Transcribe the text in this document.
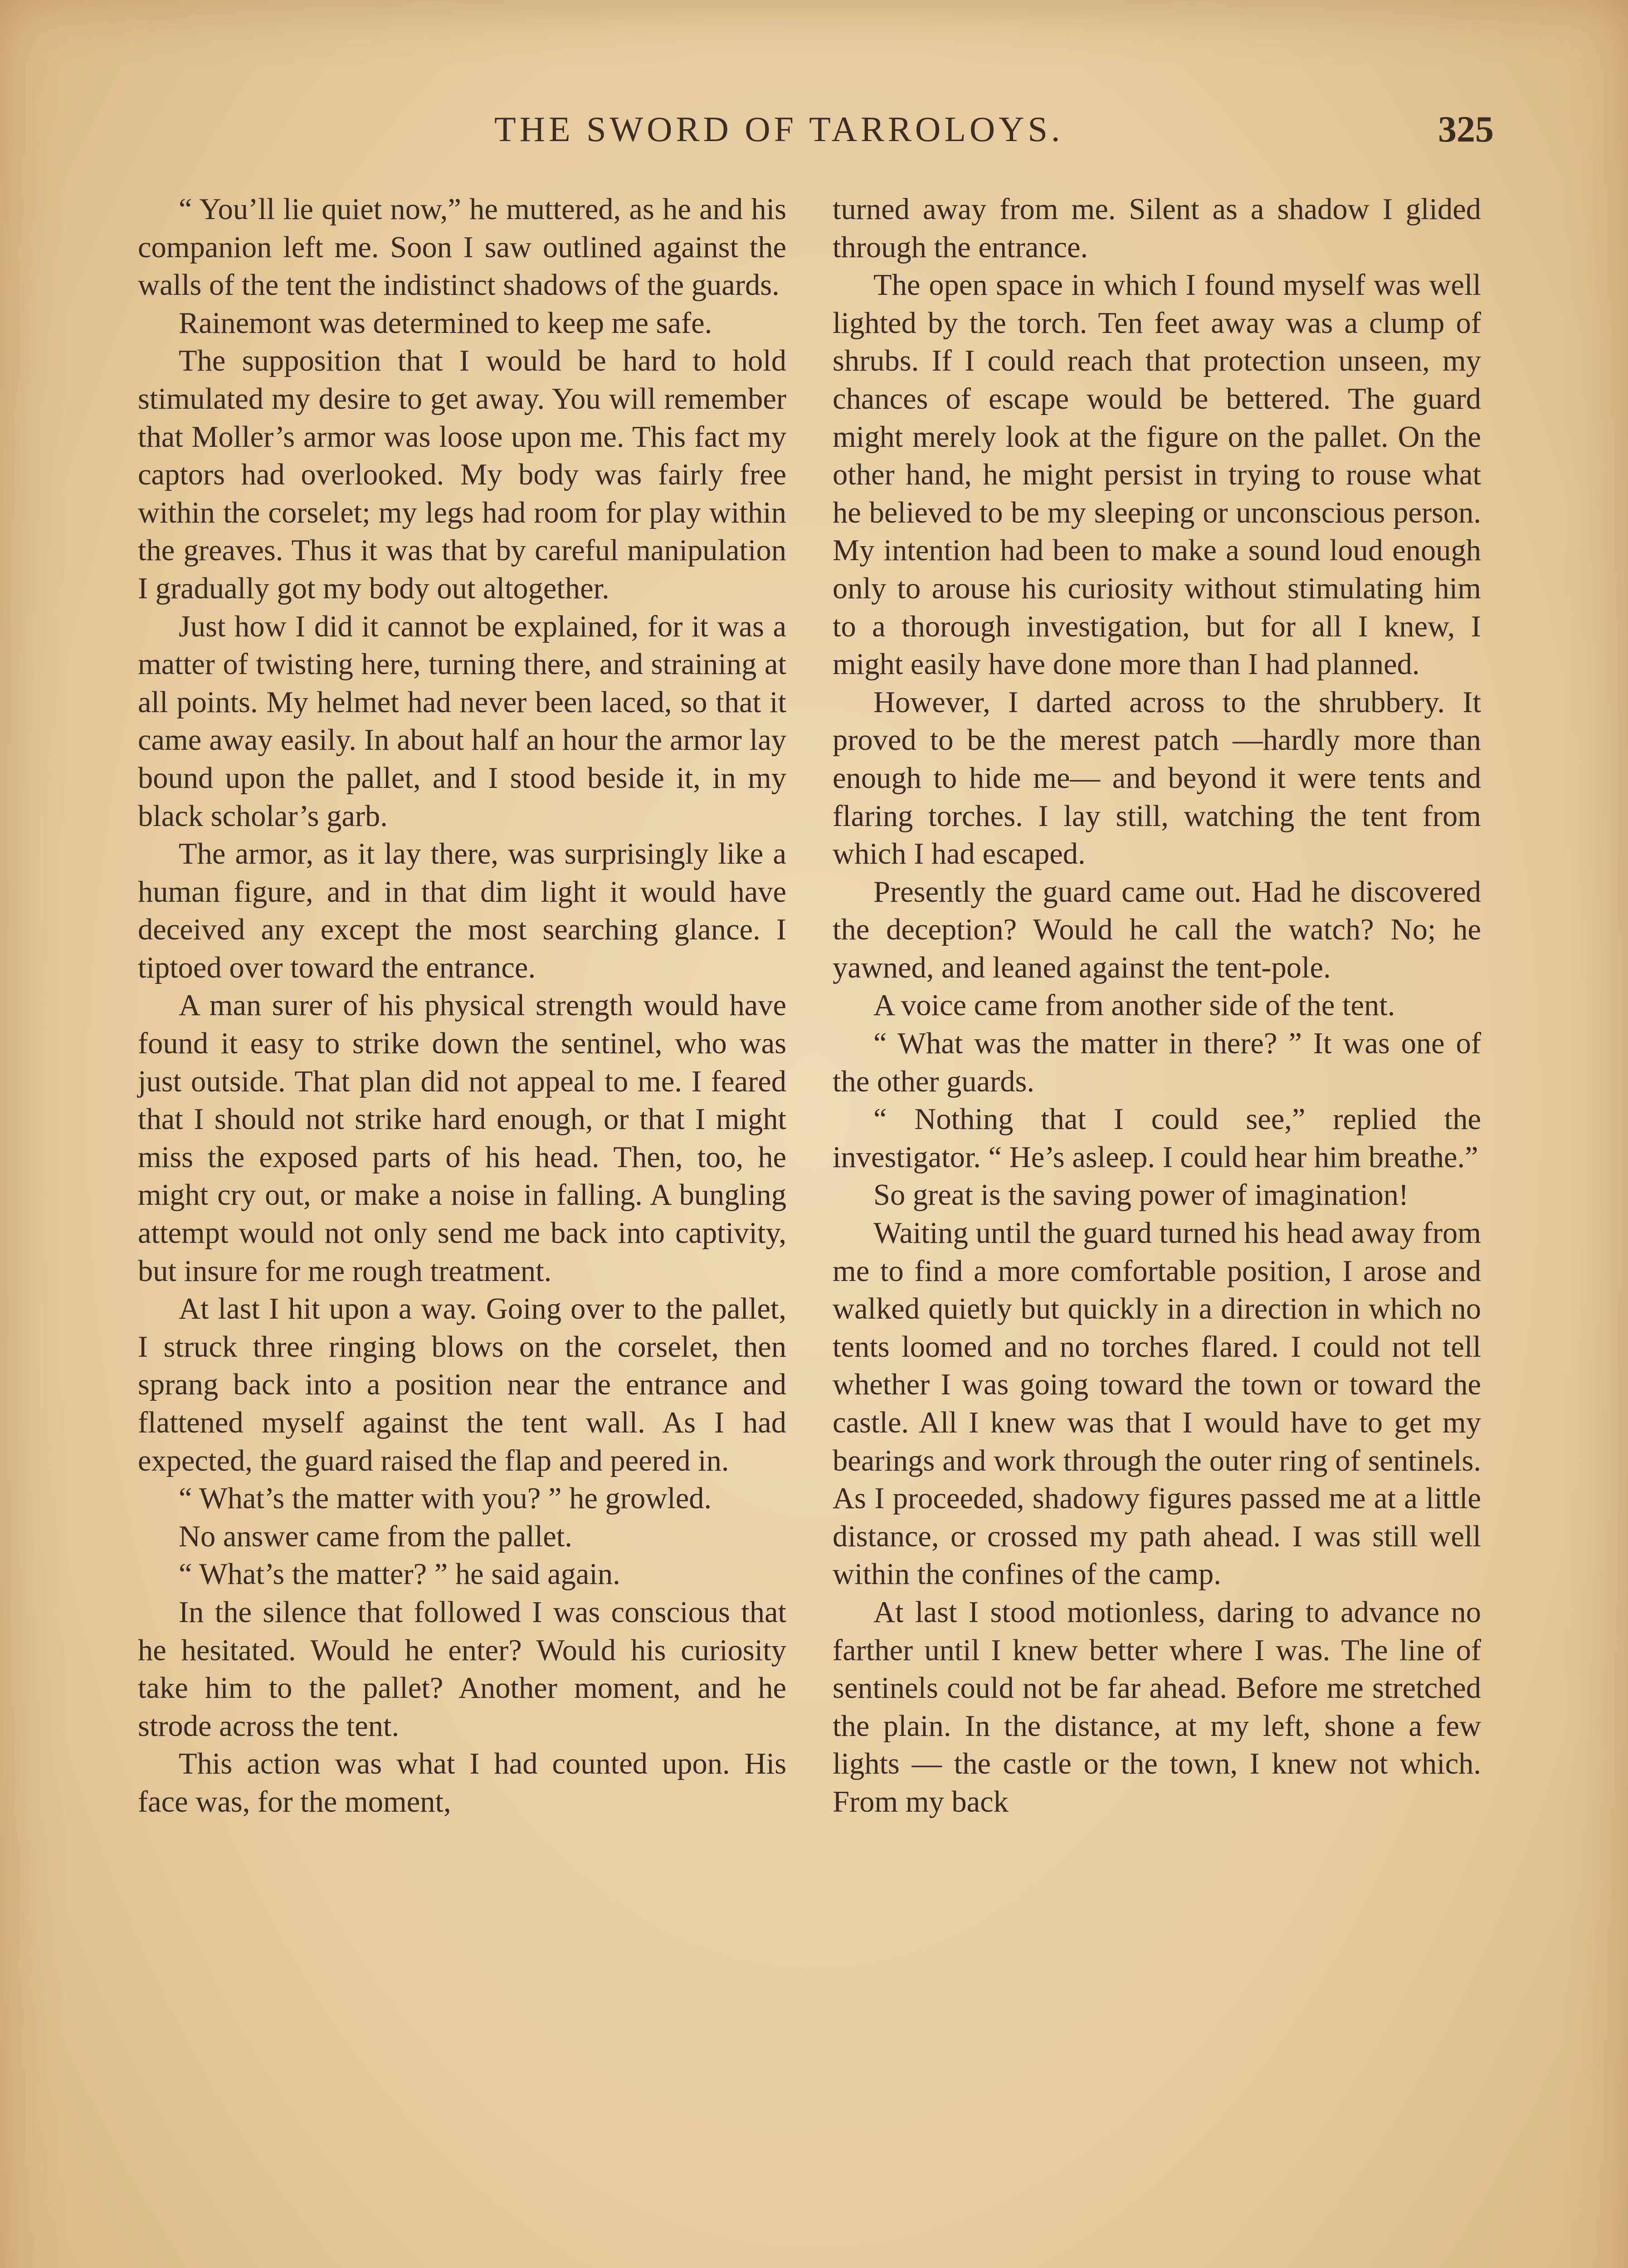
THE SWORD OF TARROLOYS.	325

“ You’ll lie quiet now,” he muttered, as he and his companion left me. Soon I saw outlined against the walls of the tent the indistinct shadows of the guards.

Rainemont was determined to keep me safe.

The supposition that I would be hard to hold stimulated my desire to get away. You will remember that Moller’s armor was loose upon me. This fact my captors had overlooked. My body was fairly free within the corselet; my legs had room for play within the greaves. Thus it was that by careful manipulation I gradually got my body out altogether.

Just how I did it cannot be explained, for it was a matter of twisting here, turning there, and straining at all points. My helmet had never been laced, so that it came away easily. In about half an hour the armor lay bound upon the pallet, and I stood beside it, in my black scholar’s garb.

The armor, as it lay there, was surprisingly like a human figure, and in that dim light it would have deceived any except the most searching glance. I tiptoed over toward the entrance.

A man surer of his physical strength would have found it easy to strike down the sentinel, who was just outside. That plan did not appeal to me. I feared that I should not strike hard enough, or that I might miss the exposed parts of his head. Then, too, he might cry out, or make a noise in falling. A bungling attempt would not only send me back into captivity, but insure for me rough treatment.

At last I hit upon a way. Going over to the pallet, I struck three ringing blows on the corselet, then sprang back into a position near the entrance and flattened myself against the tent wall. As I had expected, the guard raised the flap and peered in.

“ What’s the matter with you? ” he growled.

No answer came from the pallet.

“ What’s the matter? ” he said again.

In the silence that followed I was conscious that he hesitated. Would he enter? Would his curiosity take him to the pallet? Another moment, and he strode across the tent.

This action was what I had counted upon. His face was, for the moment,

turned away from me. Silent as a shadow I glided through the entrance.

The open space in which I found myself was well lighted by the torch. Ten feet away was a clump of shrubs. If I could reach that protection unseen, my chances of escape would be bettered. The guard might merely look at the figure on the pallet. On the other hand, he might persist in trying to rouse what he believed to be my sleeping or unconscious person. My intention had been to make a sound loud enough only to arouse his curiosity without stimulating him to a thorough investigation, but for all I knew, I might easily have done more than I had planned.

However, I darted across to the shrubbery. It proved to be the merest patch —hardly more than enough to hide me— and beyond it were tents and flaring torches. I lay still, watching the tent from which I had escaped.

Presently the guard came out. Had he discovered the deception? Would he call the watch? No; he yawned, and leaned against the tent-pole.

A voice came from another side of the tent.

“ What was the matter in there? ” It was one of the other guards.

“ Nothing that I could see,” replied the investigator. “ He’s asleep. I could hear him breathe.”

So great is the saving power of imagination!

Waiting until the guard turned his head away from me to find a more comfortable position, I arose and walked quietly but quickly in a direction in which no tents loomed and no torches flared. I could not tell whether I was going toward the town or toward the castle. All I knew was that I would have to get my bearings and work through the outer ring of sentinels. As I proceeded, shadowy figures passed me at a little distance, or crossed my path ahead. I was still well within the confines of the camp.

At last I stood motionless, daring to advance no farther until I knew better where I was. The line of sentinels could not be far ahead. Before me stretched the plain. In the distance, at my left, shone a few lights — the castle or the town, I knew not which. From my back
